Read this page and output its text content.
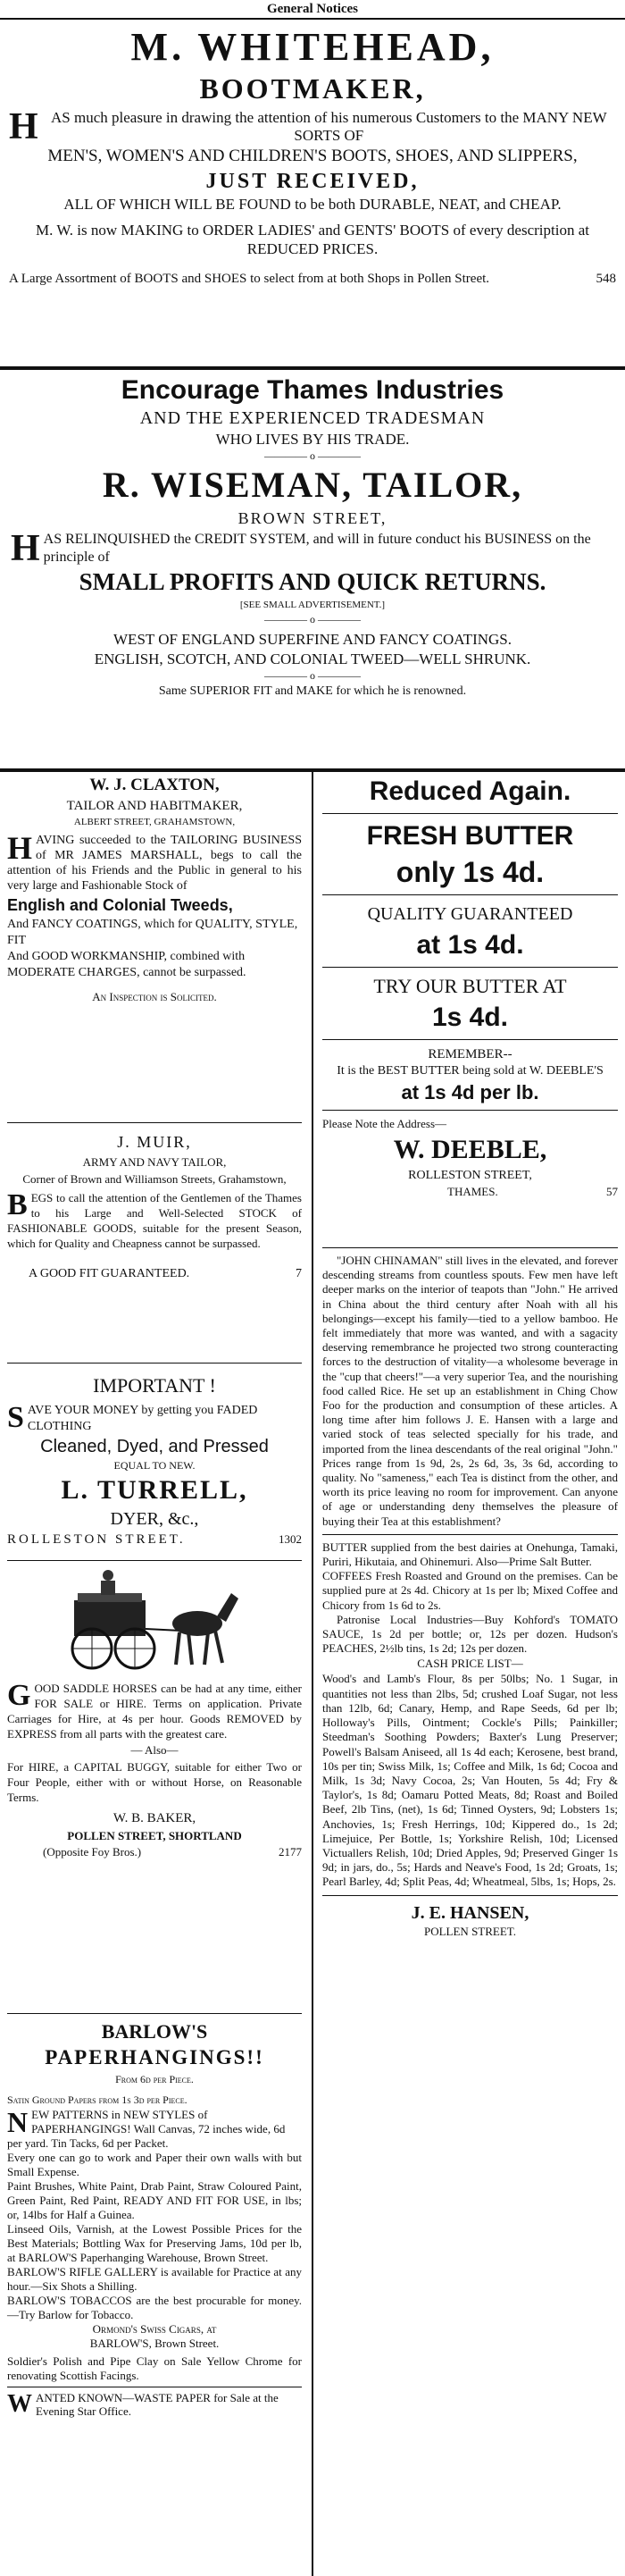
General Notices
M. WHITEHEAD,
BOOTMAKER,
H AS much pleasure in drawing the attention of his numerous Customers to the MANY NEW SORTS OF
MEN'S, WOMEN'S AND CHILDREN'S BOOTS, SHOES, AND SLIPPERS,
JUST RECEIVED,
ALL OF WHICH WILL BE FOUND to be both DURABLE, NEAT, and CHEAP.
M. W. is now MAKING to ORDER LADIES' and GENTS' BOOTS of every description at REDUCED PRICES.
A Large Assortment of BOOTS and SHOES to select from at both Shops in Pollen Street.	548
Encourage Thames Industries
AND THE EXPERIENCED TRADESMAN
WHO LIVES BY HIS TRADE.
———— o ————
R. WISEMAN, TAILOR,
BROWN STREET,
H AS RELINQUISHED the CREDIT SYSTEM, and will in future conduct his BUSINESS on the principle of
SMALL PROFITS AND QUICK RETURNS.
[SEE SMALL ADVERTISEMENT.]
———— o ————
WEST OF ENGLAND SUPERFINE AND FANCY COATINGS.
ENGLISH, SCOTCH, AND COLONIAL TWEED—WELL SHRUNK.
———— o ————
Same SUPERIOR FIT and MAKE for which he is renowned.
W. J. CLAXTON,
TAILOR AND HABITMAKER,
ALBERT STREET, GRAHAMSTOWN,
H AVING succeeded to the TAILORING BUSINESS of MR JAMES MARSHALL, begs to call the attention of his Friends and the Public in general to his very large and Fashionable Stock of
English and Colonial Tweeds,
And FANCY COATINGS, which for QUALITY, STYLE, FIT
And GOOD WORKMANSHIP, combined with MODERATE CHARGES, cannot be surpassed.
An Inspection is Solicited.
J. MUIR,
ARMY AND NAVY TAILOR,
Corner of Brown and Williamson Streets, Grahamstown,
B EGS to call the attention of the Gentlemen of the Thames to his Large and Well-Selected STOCK of FASHIONABLE GOODS, suitable for the present Season, which for Quality and Cheapness cannot be surpassed.
A GOOD FIT GUARANTEED.	7
IMPORTANT !
S AVE YOUR MONEY by getting you FADED CLOTHING
Cleaned, Dyed, and Pressed
EQUAL TO NEW.
L. TURRELL,
DYER, &c.,
ROLLESTON STREET.	1302
G OOD SADDLE HORSES can be had at any time, either FOR SALE or HIRE. Terms on application. Private Carriages for Hire, at 4s per hour. Goods REMOVED by EXPRESS from all parts with the greatest care.
— Also—
For HIRE, a CAPITAL BUGGY, suitable for either Two or Four People, either with or without Horse, on Reasonable Terms.
W. B. BAKER,
POLLEN STREET, SHORTLAND
(Opposite Foy Bros.)	2177
BARLOW'S
PAPERHANGINGS!!
From 6d per Piece.
Satin Ground Papers from 1s 3d per Piece.
N EW PATTERNS in NEW STYLES of PAPERHANGINGS! Wall Canvas, 72 inches wide, 6d per yard. Tin Tacks, 6d per Packet.
Every one can go to work and Paper their own walls with but Small Expense.
Paint Brushes, White Paint, Drab Paint, Straw Coloured Paint, Green Paint, Red Paint, READY AND FIT FOR USE, in lbs; or, 14lbs for Half a Guinea.
Linseed Oils, Varnish, at the Lowest Possible Prices for the Best Materials; Bottling Wax for Preserving Jams, 10d per lb, at BARLOW'S Paperhanging Warehouse, Brown Street.
BARLOW'S RIFLE GALLERY is available for Practice at any hour.—Six Shots a Shilling.
BARLOW'S TOBACCOS are the best procurable for money.—Try Barlow for Tobacco.
Ormond's Swiss Cigars, at
BARLOW'S, Brown Street.
Soldier's Polish and Pipe Clay on Sale Yellow Chrome for renovating Scottish Facings.
W ANTED KNOWN—WASTE PAPER for Sale at the Evening Star Office.
Reduced Again.
FRESH BUTTER
only 1s 4d.
QUALITY GUARANTEED
at 1s 4d.
TRY OUR BUTTER AT
1s 4d.
REMEMBER--
It is the BEST BUTTER being sold at W. DEEBLE'S
at 1s 4d per lb.
Please Note the Address—
W. DEEBLE,
ROLLESTON STREET,
THAMES.	57
"JOHN CHINAMAN" still lives in the elevated, and forever descending streams from countless spouts. Few men have left deeper marks on the interior of teapots than "John." He arrived in China about the third century after Noah with all his belongings—except his family—tied to a yellow bamboo. He felt immediately that more was wanted, and with a sagacity deserving remembrance he projected two strong counteracting forces to the destruction of vitality—a wholesome beverage in the "cup that cheers!"—a very superior Tea, and the nourishing food called Rice. He set up an establishment in Ching Chow Foo for the production and consumption of these articles. A long time after him follows J. E. Hansen with a large and varied stock of teas selected specially for his trade, and imported from the linea descendants of the real original "John." Prices range from 1s 9d, 2s, 2s 6d, 3s, 3s 6d, according to quality. No "sameness," each Tea is distinct from the other, and worth its price leaving no room for improvement. Can anyone of age or understanding deny themselves the pleasure of buying their Tea at this establishment?
BUTTER supplied from the best dairies at Onehunga, Tamaki, Puriri, Hikutaia, and Ohinemuri. Also—Prime Salt Butter.
COFFEES Fresh Roasted and Ground on the premises. Can be supplied pure at 2s 4d. Chicory at 1s per lb; Mixed Coffee and Chicory from 1s 6d to 2s.
Patronise Local Industries—Buy Kohford's TOMATO SAUCE, 1s 2d per bottle; or, 12s per dozen. Hudson's PEACHES, 2½lb tins, 1s 2d; 12s per dozen.
CASH PRICE LIST—
Wood's and Lamb's Flour, 8s per 50lbs; No. 1 Sugar, in quantities not less than 2lbs, 5d; crushed Loaf Sugar, not less than 12lb, 6d; Canary, Hemp, and Rape Seeds, 6d per lb; Holloway's Pills, Ointment; Cockle's Pills; Painkiller; Steedman's Soothing Powders; Baxter's Lung Preserver; Powell's Balsam Aniseed, all 1s 4d each; Kerosene, best brand, 10s per tin; Swiss Milk, 1s; Coffee and Milk, 1s 6d; Cocoa and Milk, 1s 3d; Navy Cocoa, 2s; Van Houten, 5s 4d; Fry & Taylor's, 1s 8d; Oamaru Potted Meats, 8d; Roast and Boiled Beef, 2lb Tins, (net), 1s 6d; Tinned Oysters, 9d; Lobsters 1s; Anchovies, 1s; Fresh Herrings, 10d; Kippered do., 1s 2d; Limejuice, Per Bottle, 1s; Yorkshire Relish, 10d; Licensed Victuallers Relish, 10d; Dried Apples, 9d; Preserved Ginger 1s 9d; in jars, do., 5s; Hards and Neave's Food, 1s 2d; Groats, 1s; Pearl Barley, 4d; Split Peas, 4d; Wheatmeal, 5lbs, 1s; Hops, 2s.
J. E. HANSEN,
POLLEN STREET.
